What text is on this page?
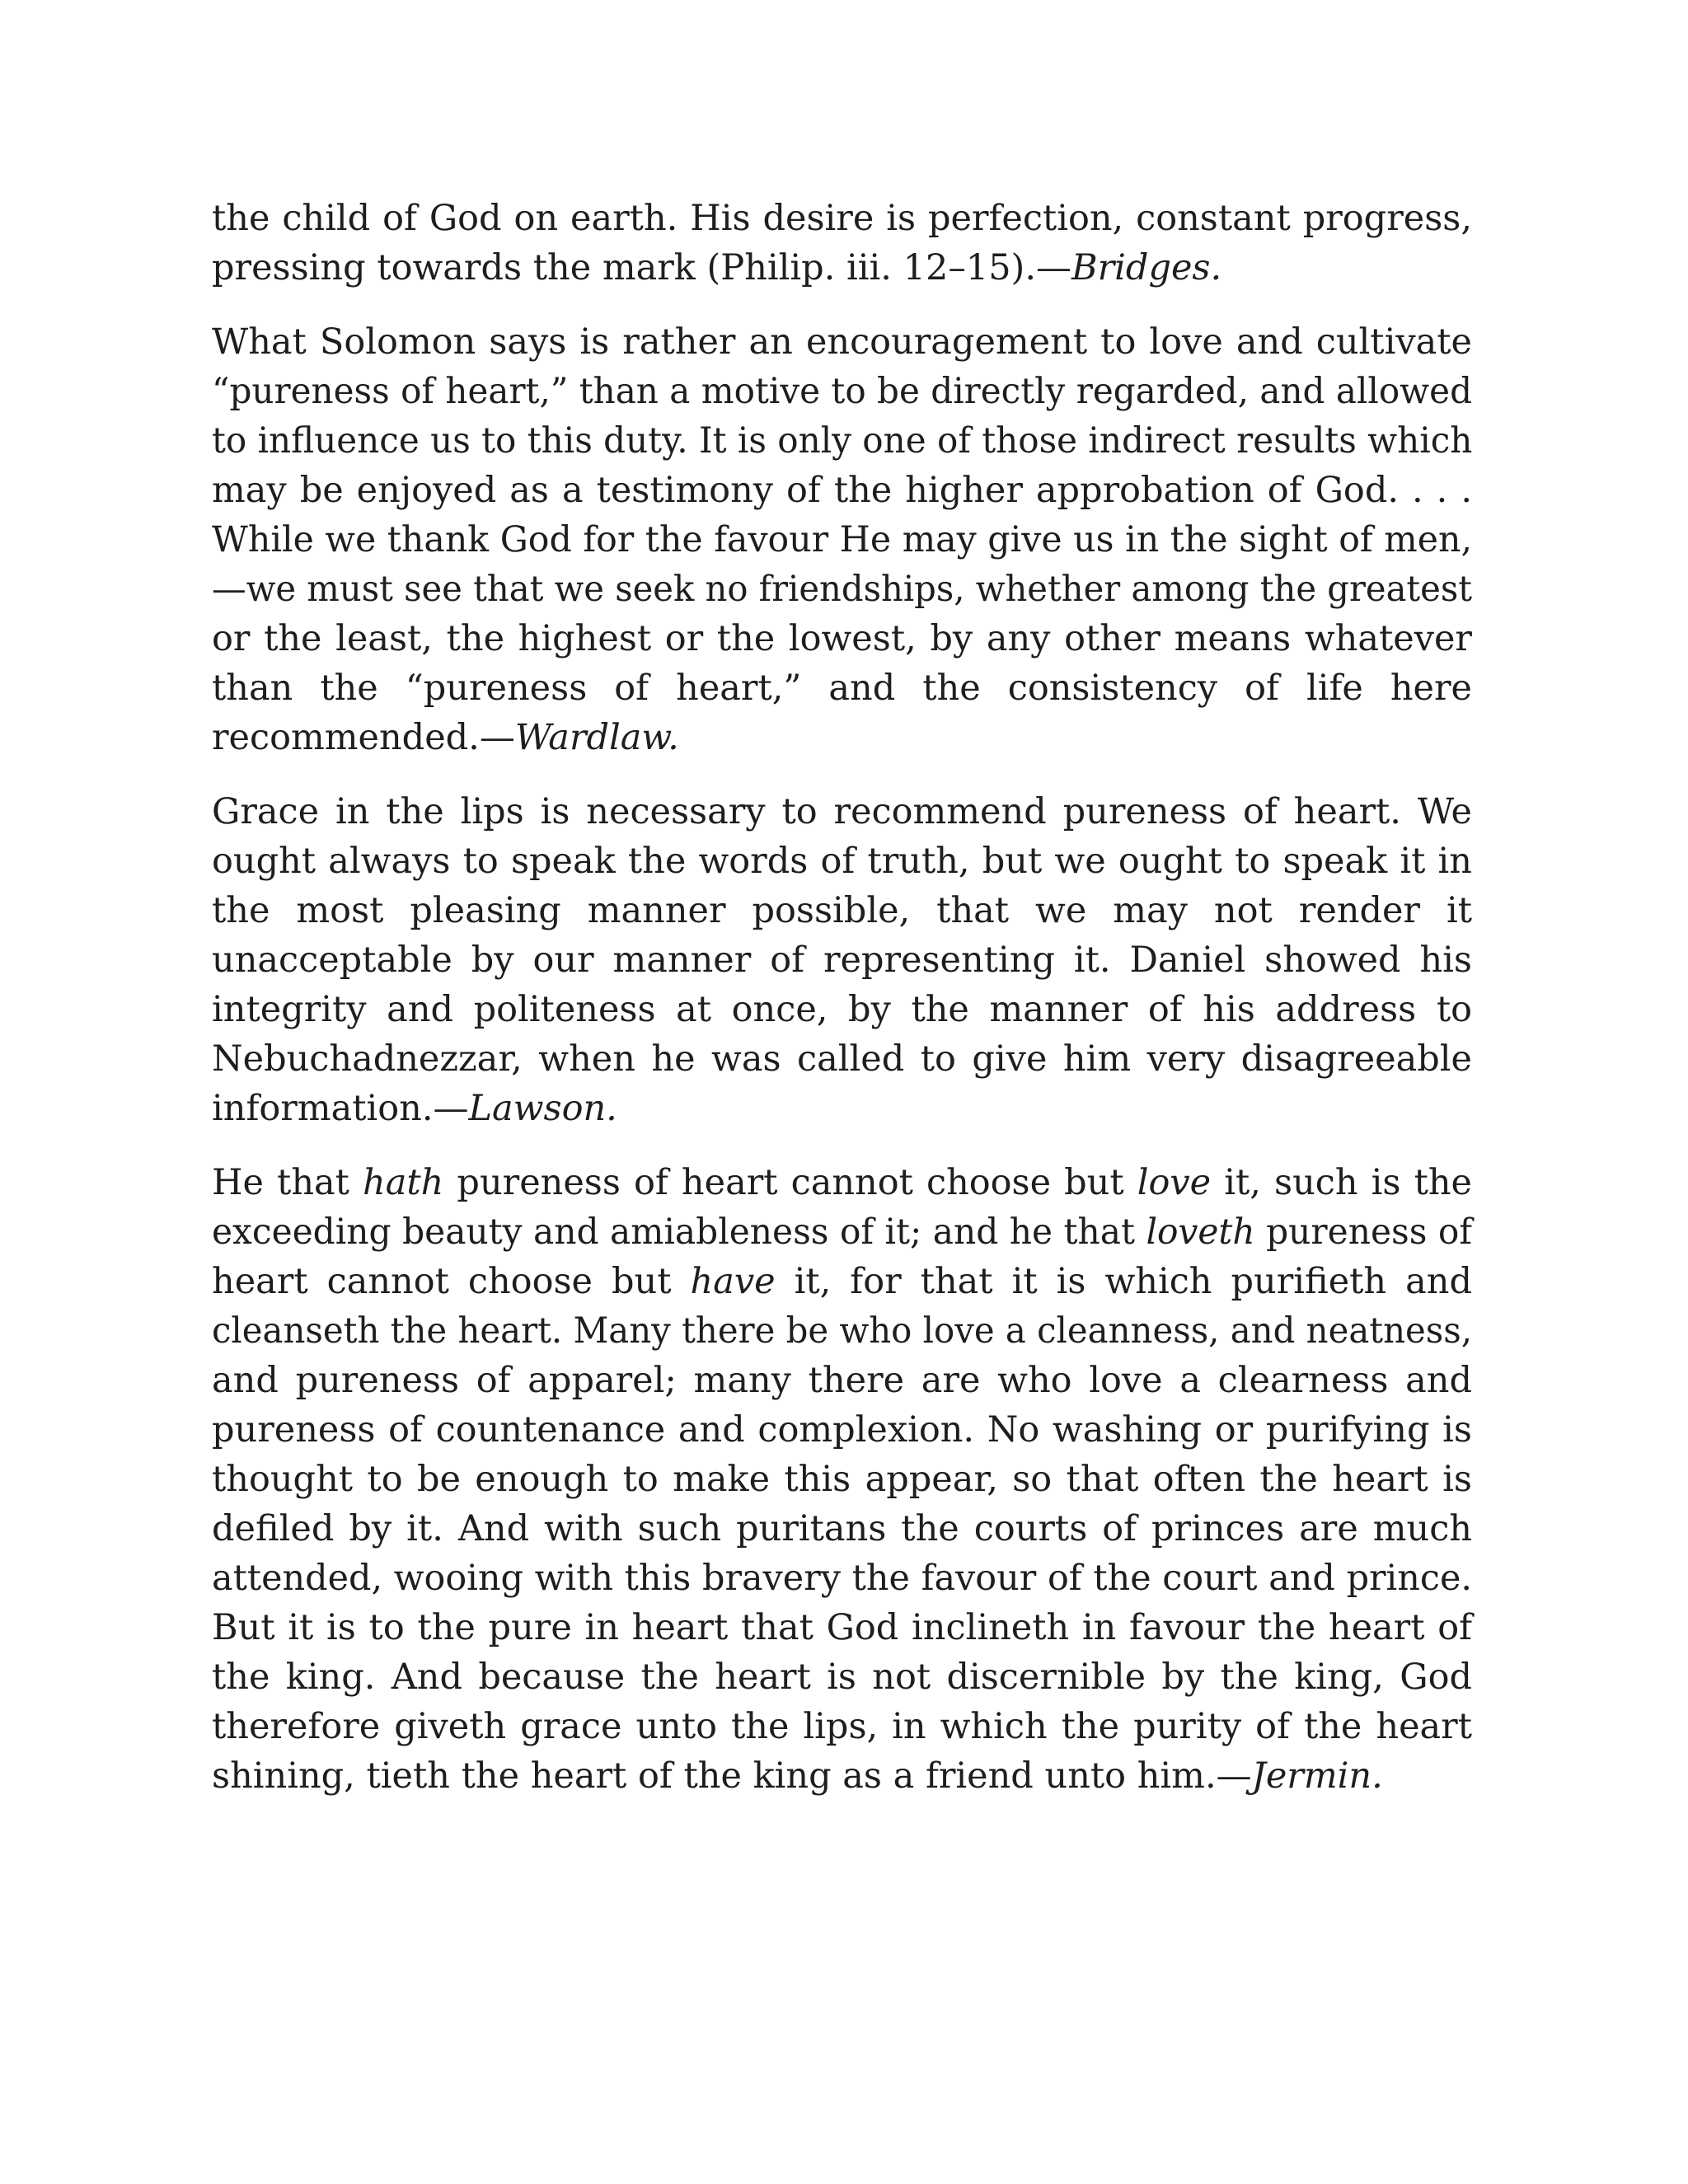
the child of God on earth. His desire is perfection, constant progress,
pressing towards the mark (Philip. iii. 12–15).—Bridges.

What Solomon says is rather an encouragement to love and cultivate
“pureness of heart,” than a motive to be directly regarded, and allowed
to influence us to this duty. It is only one of those indirect results which
may be enjoyed as a testimony of the higher approbation of God. . . .
While we thank God for the favour He may give us in the sight of men,
—we must see that we seek no friendships, whether among the greatest
or the least, the highest or the lowest, by any other means whatever
than the “pureness of heart,” and the consistency of life here
recommended.—Wardlaw.

Grace in the lips is necessary to recommend pureness of heart. We
ought always to speak the words of truth, but we ought to speak it in
the most pleasing manner possible, that we may not render it
unacceptable by our manner of representing it. Daniel showed his
integrity and politeness at once, by the manner of his address to
Nebuchadnezzar, when he was called to give him very disagreeable
information.—Lawson.

He that hath pureness of heart cannot choose but love it, such is the
exceeding beauty and amiableness of it; and he that loveth pureness of
heart cannot choose but have it, for that it is which purifieth and
cleanseth the heart. Many there be who love a cleanness, and neatness,
and pureness of apparel; many there are who love a clearness and
pureness of countenance and complexion. No washing or purifying is
thought to be enough to make this appear, so that often the heart is
defiled by it. And with such puritans the courts of princes are much
attended, wooing with this bravery the favour of the court and prince.
But it is to the pure in heart that God inclineth in favour the heart of
the king. And because the heart is not discernible by the king, God
therefore giveth grace unto the lips, in which the purity of the heart
shining, tieth the heart of the king as a friend unto him.—Jermin.
